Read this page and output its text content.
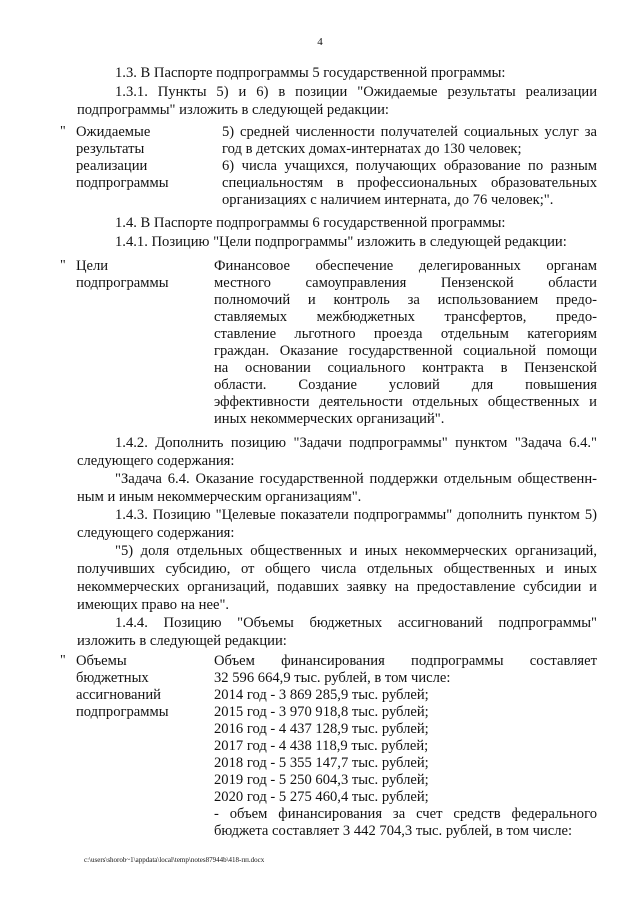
4
1.3. В Паспорте подпрограммы 5 государственной программы:
1.3.1. Пункты 5) и 6) в позиции "Ожидаемые результаты реализации
подпрограммы" изложить в следующей редакции:
" Ожидаемые
результаты
реализации
подпрограммы
5) средней численности получателей социальных услуг за
год в детских домах-интернатах до 130 человек;
6) числа учащихся, получающих образование по разным
специальностям в профессиональных образовательных
организациях с наличием интерната, до 76 человек;".
1.4. В Паспорте подпрограммы 6 государственной программы:
1.4.1. Позицию "Цели подпрограммы" изложить в следующей редакции:
" Цели
подпрограммы
Финансовое обеспечение делегированных органам
местного самоуправления Пензенской области
полномочий и контроль за использованием предо-
ставляемых межбюджетных трансфертов, предо-
ставление льготного проезда отдельным категориям
граждан. Оказание государственной социальной помощи
на основании социального контракта в Пензенской
области. Создание условий для повышения
эффективности деятельности отдельных общественных и
иных некоммерческих организаций".
1.4.2. Дополнить позицию "Задачи подпрограммы" пунктом "Задача 6.4."
следующего содержания:
"Задача 6.4. Оказание государственной поддержки отдельным общественн-
ным и иным некоммерческим организациям".
1.4.3. Позицию "Целевые показатели подпрограммы" дополнить пунктом 5)
следующего содержания:
"5) доля отдельных общественных и иных некоммерческих организаций,
получивших субсидию, от общего числа отдельных общественных и иных
некоммерческих организаций, подавших заявку на предоставление субсидии и
имеющих право на нее".
1.4.4. Позицию "Объемы бюджетных ассигнований подпрограммы"
изложить в следующей редакции:
" Объемы
бюджетных
ассигнований
подпрограммы
Объем финансирования подпрограммы составляет
32 596 664,9 тыс. рублей, в том числе:
2014 год - 3 869 285,9 тыс. рублей;
2015 год - 3 970 918,8 тыс. рублей;
2016 год - 4 437 128,9 тыс. рублей;
2017 год - 4 438 118,9 тыс. рублей;
2018 год - 5 355 147,7 тыс. рублей;
2019 год - 5 250 604,3 тыс. рублей;
2020 год - 5 275 460,4 тыс. рублей;
- объем финансирования за счет средств федерального
бюджета составляет 3 442 704,3 тыс. рублей, в том числе:
c:\users\shorob~1\appdata\local\temp\notes87944b\418-пп.docx
